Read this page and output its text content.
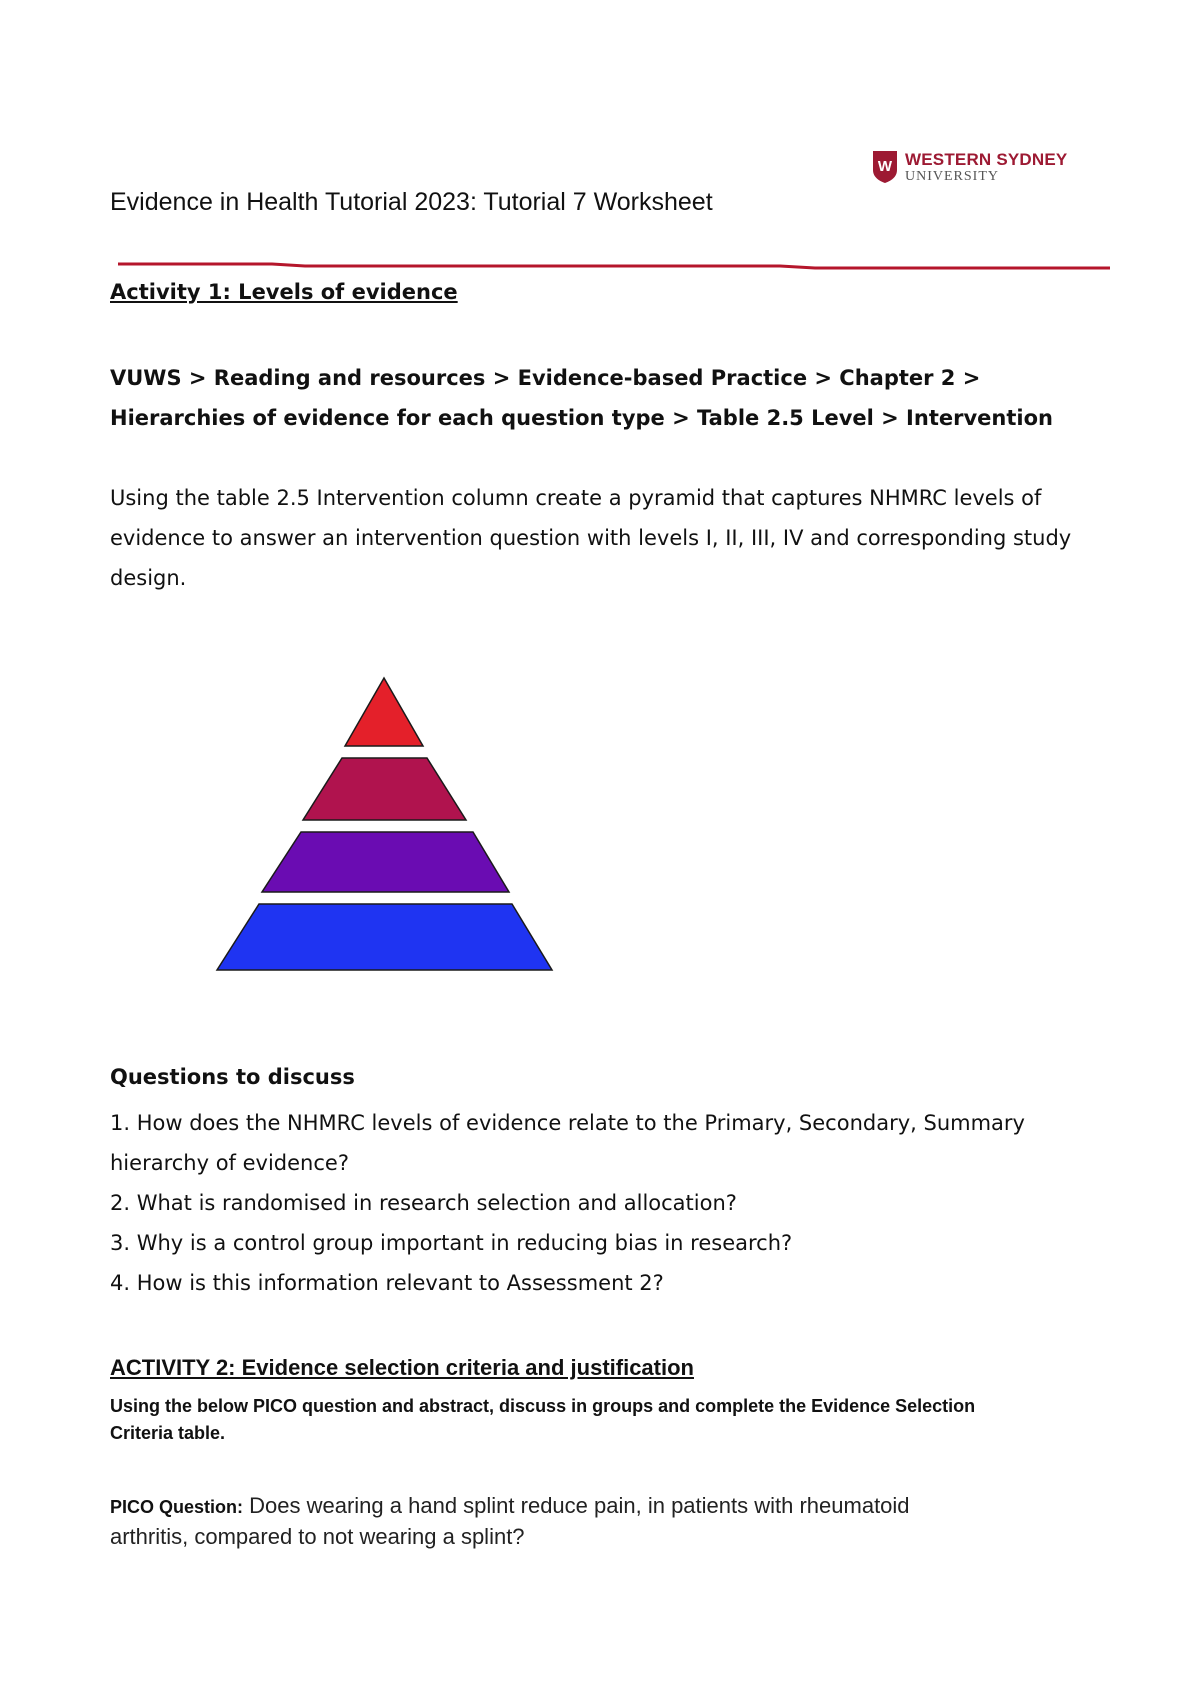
W WESTERN SYDNEY
UNIVERSITY
Evidence in Health Tutorial 2023: Tutorial 7 Worksheet
Activity 1: Levels of evidence
VUWS > Reading and resources > Evidence-based Practice > Chapter 2 > Hierarchies of evidence for each question type > Table 2.5 Level > Intervention
Using the table 2.5 Intervention column create a pyramid that captures NHMRC levels of evidence to answer an intervention question with levels I, II, III, IV and corresponding study design.
Questions to discuss
1. How does the NHMRC levels of evidence relate to the Primary, Secondary, Summary hierarchy of evidence?
2. What is randomised in research selection and allocation?
3. Why is a control group important in reducing bias in research?
4. How is this information relevant to Assessment 2?
ACTIVITY 2: Evidence selection criteria and justification
Using the below PICO question and abstract, discuss in groups and complete the Evidence Selection Criteria table.
PICO Question: Does wearing a hand splint reduce pain, in patients with rheumatoid arthritis, compared to not wearing a splint?
